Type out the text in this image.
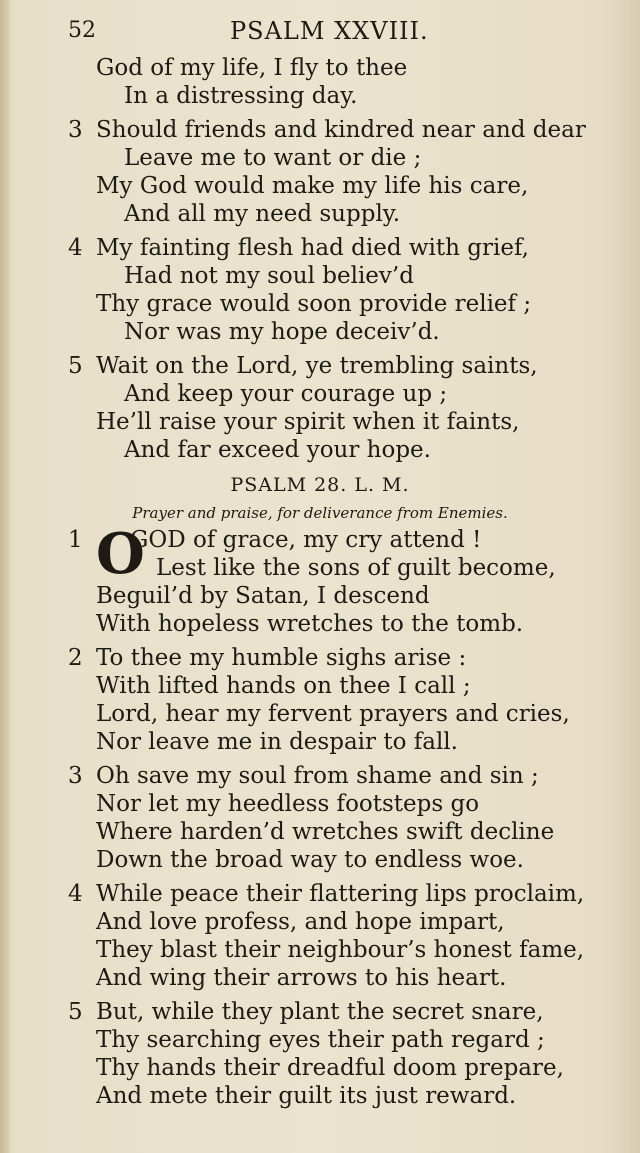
52	PSALM XXVIII.
God of my life, I fly to thee
In a distressing day.
3 Should friends and kindred near and dear
Leave me to want or die ;
My God would make my life his care,
And all my need supply.
4 My fainting flesh had died with grief,
Had not my soul believ’d
Thy grace would soon provide relief ;
Nor was my hope deceiv’d.
5 Wait on the Lord, ye trembling saints,
And keep your courage up ;
He’ll raise your spirit when it faints,
And far exceed your hope.
PSALM 28. L. M.
Prayer and praise, for deliverance from Enemies.
1 O
GOD of grace, my cry attend !
Lest like the sons of guilt become,
Beguil’d by Satan, I descend
With hopeless wretches to the tomb.
2 To thee my humble sighs arise :
With lifted hands on thee I call ;
Lord, hear my fervent prayers and cries,
Nor leave me in despair to fall.
3 Oh save my soul from shame and sin ;
Nor let my heedless footsteps go
Where harden’d wretches swift decline
Down the broad way to endless woe.
4 While peace their flattering lips proclaim,
And love profess, and hope impart,
They blast their neighbour’s honest fame,
And wing their arrows to his heart.
5 But, while they plant the secret snare,
Thy searching eyes their path regard ;
Thy hands their dreadful doom prepare,
And mete their guilt its just reward.
